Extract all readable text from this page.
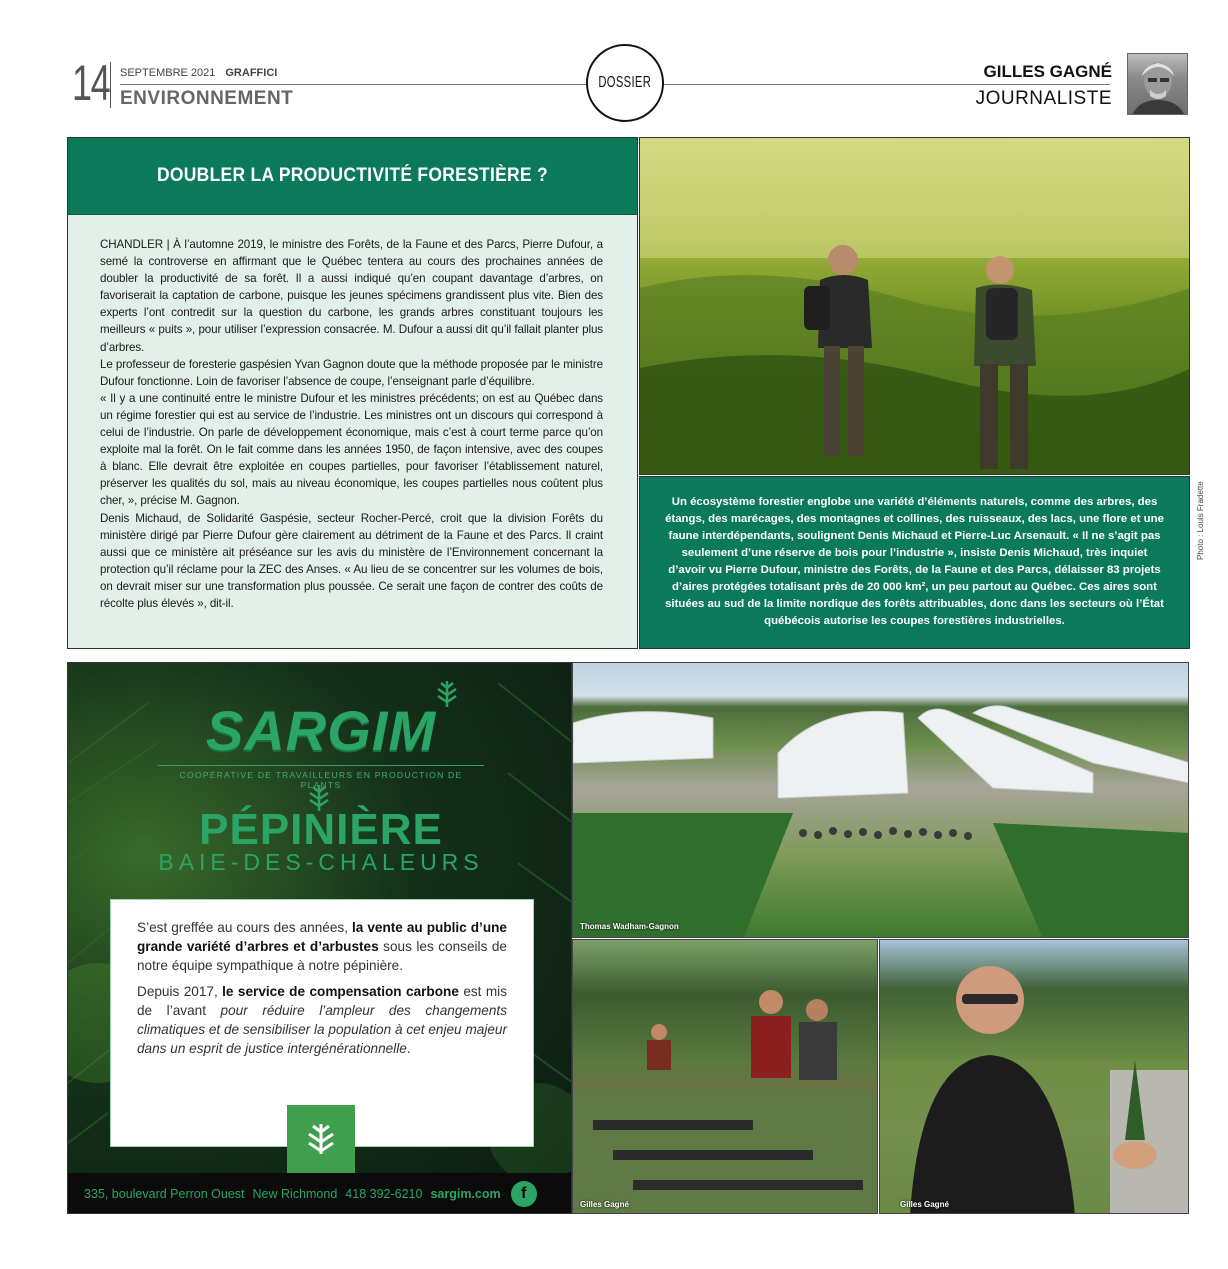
14 SEPTEMBRE 2021 GRAFFICI
ENVIRONNEMENT
DOSSIER
GILLES GAGNÉ
JOURNALISTE
DOUBLER LA PRODUCTIVITÉ FORESTIÈRE ?

CHANDLER | À l’automne 2019, le ministre des Forêts, de la Faune et des Parcs, Pierre Dufour, a semé la controverse en affirmant que le Québec tentera au cours des prochaines années de doubler la productivité de sa forêt. Il a aussi indiqué qu’en coupant davantage d’arbres, on favoriserait la captation de carbone, puisque les jeunes spécimens grandissent plus vite. Bien des experts l’ont contredit sur la question du carbone, les grands arbres constituant toujours les meilleurs « puits », pour utiliser l’expression consacrée. M. Dufour a aussi dit qu’il fallait planter plus d’arbres.

Le professeur de foresterie gaspésien Yvan Gagnon doute que la méthode proposée par le ministre Dufour fonctionne. Loin de favoriser l’absence de coupe, l’enseignant parle d’équilibre.

« Il y a une continuité entre le ministre Dufour et les ministres précédents; on est au Québec dans un régime forestier qui est au service de l’industrie. Les ministres ont un discours qui correspond à celui de l’industrie. On parle de développement économique, mais c’est à court terme parce qu’on exploite mal la forêt. On le fait comme dans les années 1950, de façon intensive, avec des coupes à blanc. Elle devrait être exploitée en coupes partielles, pour favoriser l’établissement naturel, préserver les qualités du sol, mais au niveau économique, les coupes partielles nous coûtent plus cher, », précise M. Gagnon.

Denis Michaud, de Solidarité Gaspésie, secteur Rocher-Percé, croit que la division Forêts du ministère dirigé par Pierre Dufour gère clairement au détriment de la Faune et des Parcs. Il craint aussi que ce ministère ait préséance sur les avis du ministère de l’Environnement concernant la protection qu’il réclame pour la ZEC des Anses. « Au lieu de se concentrer sur les volumes de bois, on devrait miser sur une transformation plus poussée. Ce serait une façon de contrer des coûts de récolte plus élevés », dit-il.

Un écosystème forestier englobe une variété d’éléments naturels, comme des arbres, des étangs, des marécages, des montagnes et collines, des ruisseaux, des lacs, une flore et une faune interdépendants, soulignent Denis Michaud et Pierre-Luc Arsenault. « Il ne s’agit pas seulement d’une réserve de bois pour l’industrie », insiste Denis Michaud, très inquiet d’avoir vu Pierre Dufour, ministre des Forêts, de la Faune et des Parcs, délaisser 83 projets d’aires protégées totalisant près de 20 000 km², un peu partout au Québec. Ces aires sont situées au sud de la limite nordique des forêts attribuables, donc dans les secteurs où l’État québécois autorise les coupes forestières industrielles.
Photo : Louis Fradette
SARGIM
COOPÉRATIVE DE TRAVAILLEURS EN PRODUCTION DE PLANTS
PÉPINIÈRE
BAIE-DES-CHALEURS

S’est greffée au cours des années, la vente au public d’une grande variété d’arbres et d’arbustes sous les conseils de notre équipe sympathique à notre pépinière.

Depuis 2017, le service de compensation carbone est mis de l’avant pour réduire l’ampleur des changements climatiques et de sensibiliser la population à cet enjeu majeur dans un esprit de justice intergénérationnelle.

335, boulevard Perron Ouest New Richmond 418 392-6210 sargim.com	f
Thomas Wadham-Gagnon
Gilles Gagné	Gilles Gagné
